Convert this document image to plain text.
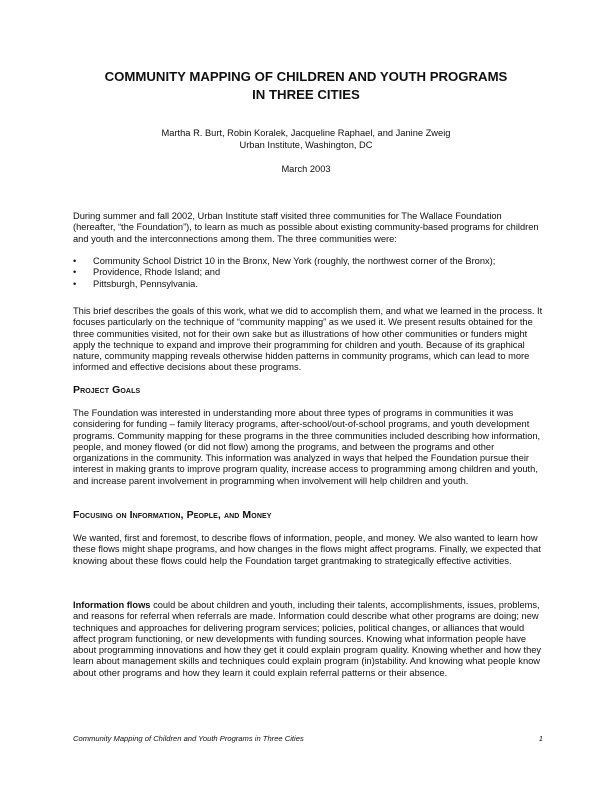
COMMUNITY MAPPING OF CHILDREN AND YOUTH PROGRAMS
IN THREE CITIES
Martha R. Burt, Robin Koralek, Jacqueline Raphael, and Janine Zweig
Urban Institute, Washington, DC
March 2003

During summer and fall 2002, Urban Institute staff visited three communities for The Wallace Foundation (hereafter, “the Foundation”), to learn as much as possible about existing community-based programs for children and youth and the interconnections among them. The three communities were:

• Community School District 10 in the Bronx, New York (roughly, the northwest corner of the Bronx);
• Providence, Rhode Island; and
• Pittsburgh, Pennsylvania.

This brief describes the goals of this work, what we did to accomplish them, and what we learned in the process. It focuses particularly on the technique of “community mapping” as we used it. We present results obtained for the three communities visited, not for their own sake but as illustrations of how other communities or funders might apply the technique to expand and improve their programming for children and youth. Because of its graphical nature, community mapping reveals otherwise hidden patterns in community programs, which can lead to more informed and effective decisions about these programs.

Project Goals

The Foundation was interested in understanding more about three types of programs in communities it was considering for funding – family literacy programs, after-school/out-of-school programs, and youth development programs. Community mapping for these programs in the three communities included describing how information, people, and money flowed (or did not flow) among the programs, and between the programs and other organizations in the community. This information was analyzed in ways that helped the Foundation pursue their interest in making grants to improve program quality, increase access to programming among children and youth, and increase parent involvement in programming when involvement will help children and youth.

Focusing on Information, People, and Money

We wanted, first and foremost, to describe flows of information, people, and money. We also wanted to learn how these flows might shape programs, and how changes in the flows might affect programs. Finally, we expected that knowing about these flows could help the Foundation target grantmaking to strategically effective activities.

Information flows could be about children and youth, including their talents, accomplishments, issues, problems, and reasons for referral when referrals are made. Information could describe what other programs are doing; new techniques and approaches for delivering program services; policies, political changes, or alliances that would affect program functioning, or new developments with funding sources. Knowing what information people have about programming innovations and how they get it could explain program quality. Knowing whether and how they learn about management skills and techniques could explain program (in)stability. And knowing what people know about other programs and how they learn it could explain referral patterns or their absence.

Community Mapping of Children and Youth Programs in Three Cities	1
